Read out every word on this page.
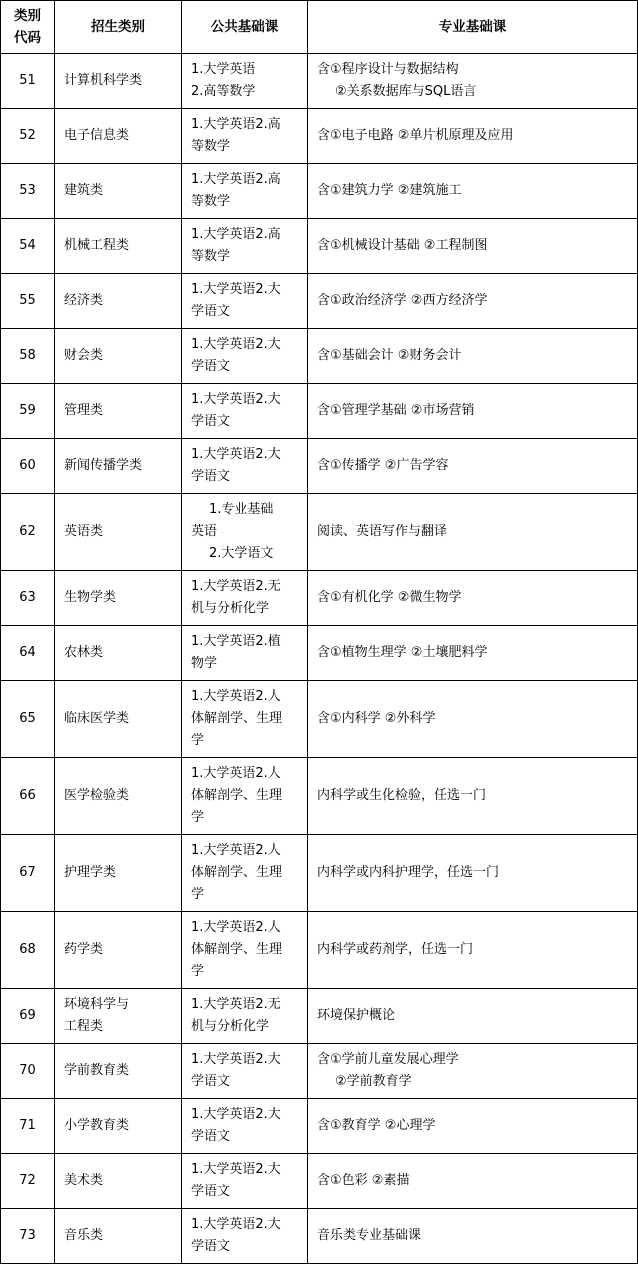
类别
代码	招生类别	公共基础课	专业基础课
51	计算机科学类	1.大学英语
2.高等数学	含①程序设计与数据结构
②关系数据库与SQL语言

52	电子信息类	1.大学英语2.高
等数学	含①电子电路 ②单片机原理及应用

53	建筑类	1.大学英语2.高
等数学	含①建筑力学 ②建筑施工

54	机械工程类	1.大学英语2.高
等数学	含①机械设计基础 ②工程制图

55	经济类	1.大学英语2.大
学语文	含①政治经济学 ②西方经济学

58	财会类	1.大学英语2.大
学语文	含①基础会计 ②财务会计

59	管理类	1.大学英语2.大
学语文	含①管理学基础 ②市场营销

60	新闻传播学类	1.大学英语2.大
学语文	含①传播学 ②广告学容

62	英语类	1.专业基础
英语
2.大学语文	阅读、英语写作与翻译

63	生物学类	1.大学英语2.无
机与分析化学	含①有机化学 ②微生物学

64	农林类	1.大学英语2.植
物学	含①植物生理学 ②土壤肥料学

65	临床医学类	1.大学英语2.人
体解剖学、生理
学	含①内科学 ②外科学

66	医学检验类	1.大学英语2.人
体解剖学、生理
学	内科学或生化检验，任选一门

67	护理学类	1.大学英语2.人
体解剖学、生理
学	内科学或内科护理学，任选一门

68	药学类	1.大学英语2.人
体解剖学、生理
学	内科学或药剂学，任选一门

69	环境科学与
工程类	1.大学英语2.无
机与分析化学	环境保护概论

70	学前教育类	1.大学英语2.大
学语文	含①学前儿童发展心理学
②学前教育学

71	小学教育类	1.大学英语2.大
学语文	含①教育学 ②心理学

72	美术类	1.大学英语2.大
学语文	含①色彩 ②素描

73	音乐类	1.大学英语2.大
学语文	音乐类专业基础课
